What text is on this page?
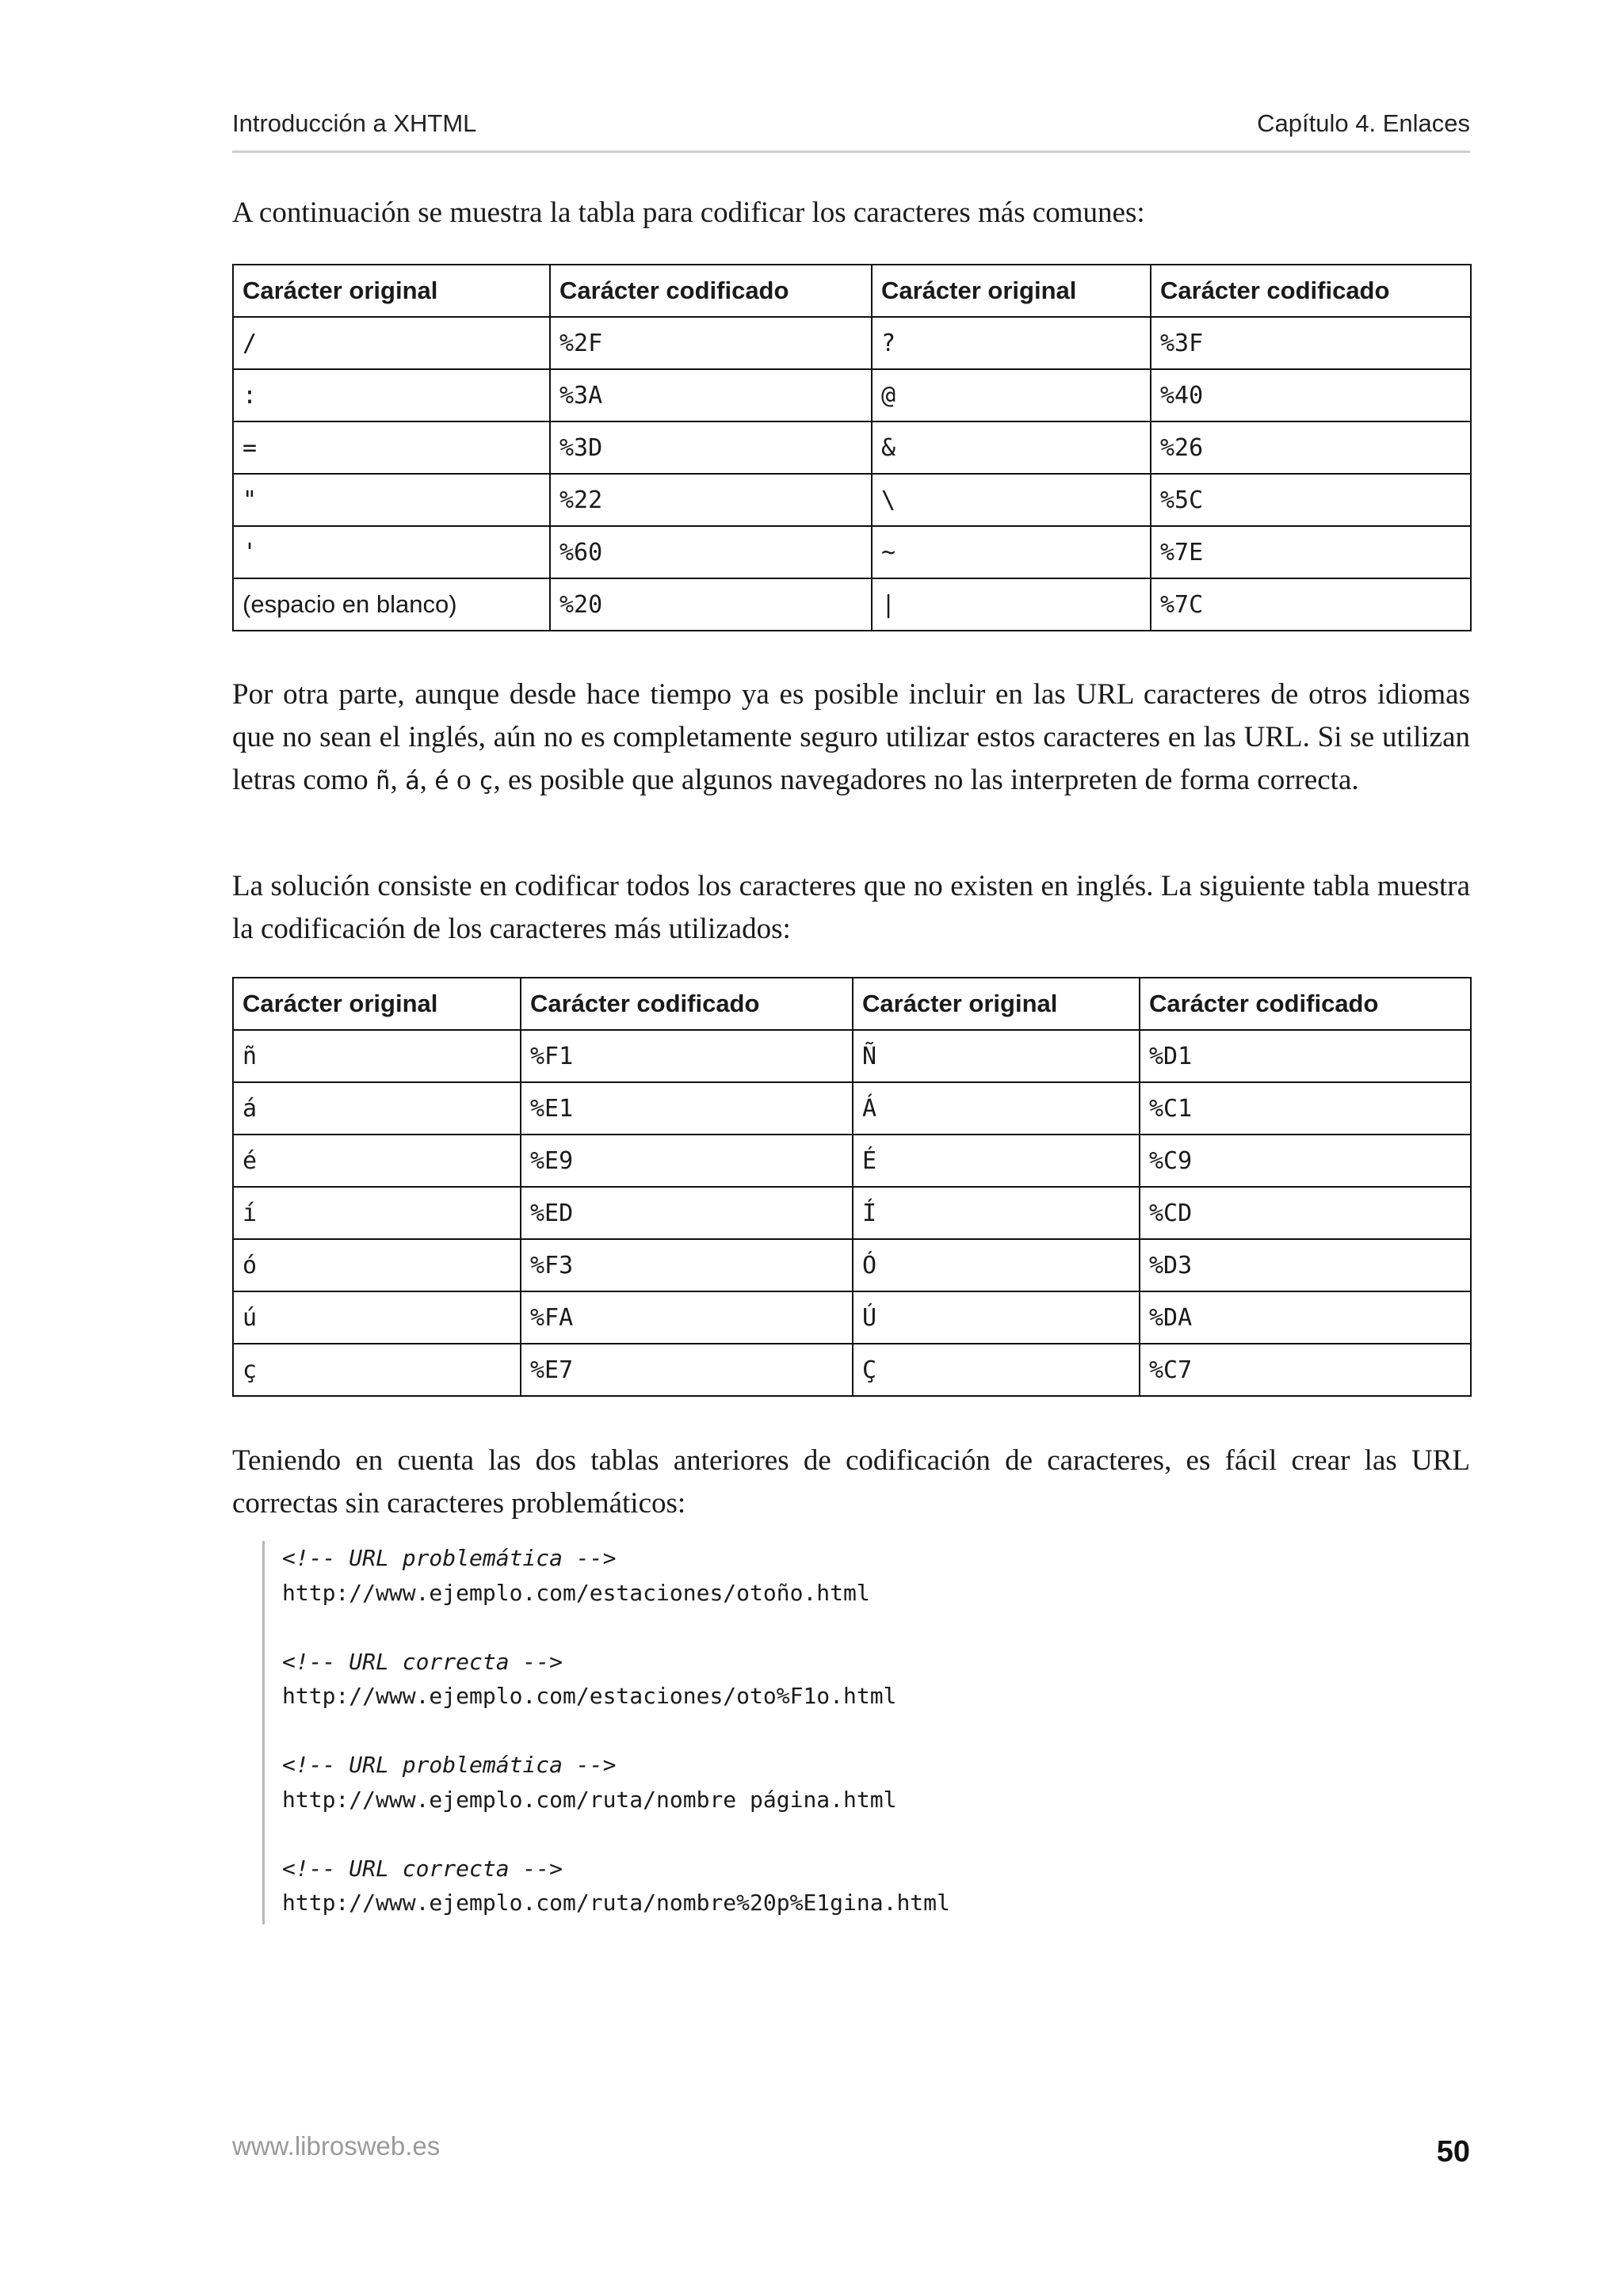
Introducción a XHTML	Capítulo 4. Enlaces

A continuación se muestra la tabla para codificar los caracteres más comunes:

Carácter original	Carácter codificado	Carácter original	Carácter codificado
/	%2F	?	%3F
:	%3A	@	%40
=	%3D	&	%26
"	%22	\	%5C
'	%60	~	%7E
(espacio en blanco)	%20	|	%7C

Por otra parte, aunque desde hace tiempo ya es posible incluir en las URL caracteres de otros idiomas que no sean el inglés, aún no es completamente seguro utilizar estos caracteres en las URL. Si se utilizan letras como ñ, á, é o ç, es posible que algunos navegadores no las interpreten de forma correcta.

La solución consiste en codificar todos los caracteres que no existen en inglés. La siguiente tabla muestra la codificación de los caracteres más utilizados:

Carácter original	Carácter codificado	Carácter original	Carácter codificado
ñ	%F1	Ñ	%D1
á	%E1	Á	%C1
é	%E9	É	%C9
í	%ED	Í	%CD
ó	%F3	Ó	%D3
ú	%FA	Ú	%DA
ç	%E7	Ç	%C7

Teniendo en cuenta las dos tablas anteriores de codificación de caracteres, es fácil crear las URL correctas sin caracteres problemáticos:

<!-- URL problemática -->
http://www.ejemplo.com/estaciones/otoño.html
<!-- URL correcta -->
http://www.ejemplo.com/estaciones/oto%F1o.html
<!-- URL problemática -->
http://www.ejemplo.com/ruta/nombre página.html
<!-- URL correcta -->
http://www.ejemplo.com/ruta/nombre%20p%E1gina.html
www.librosweb.es	50
